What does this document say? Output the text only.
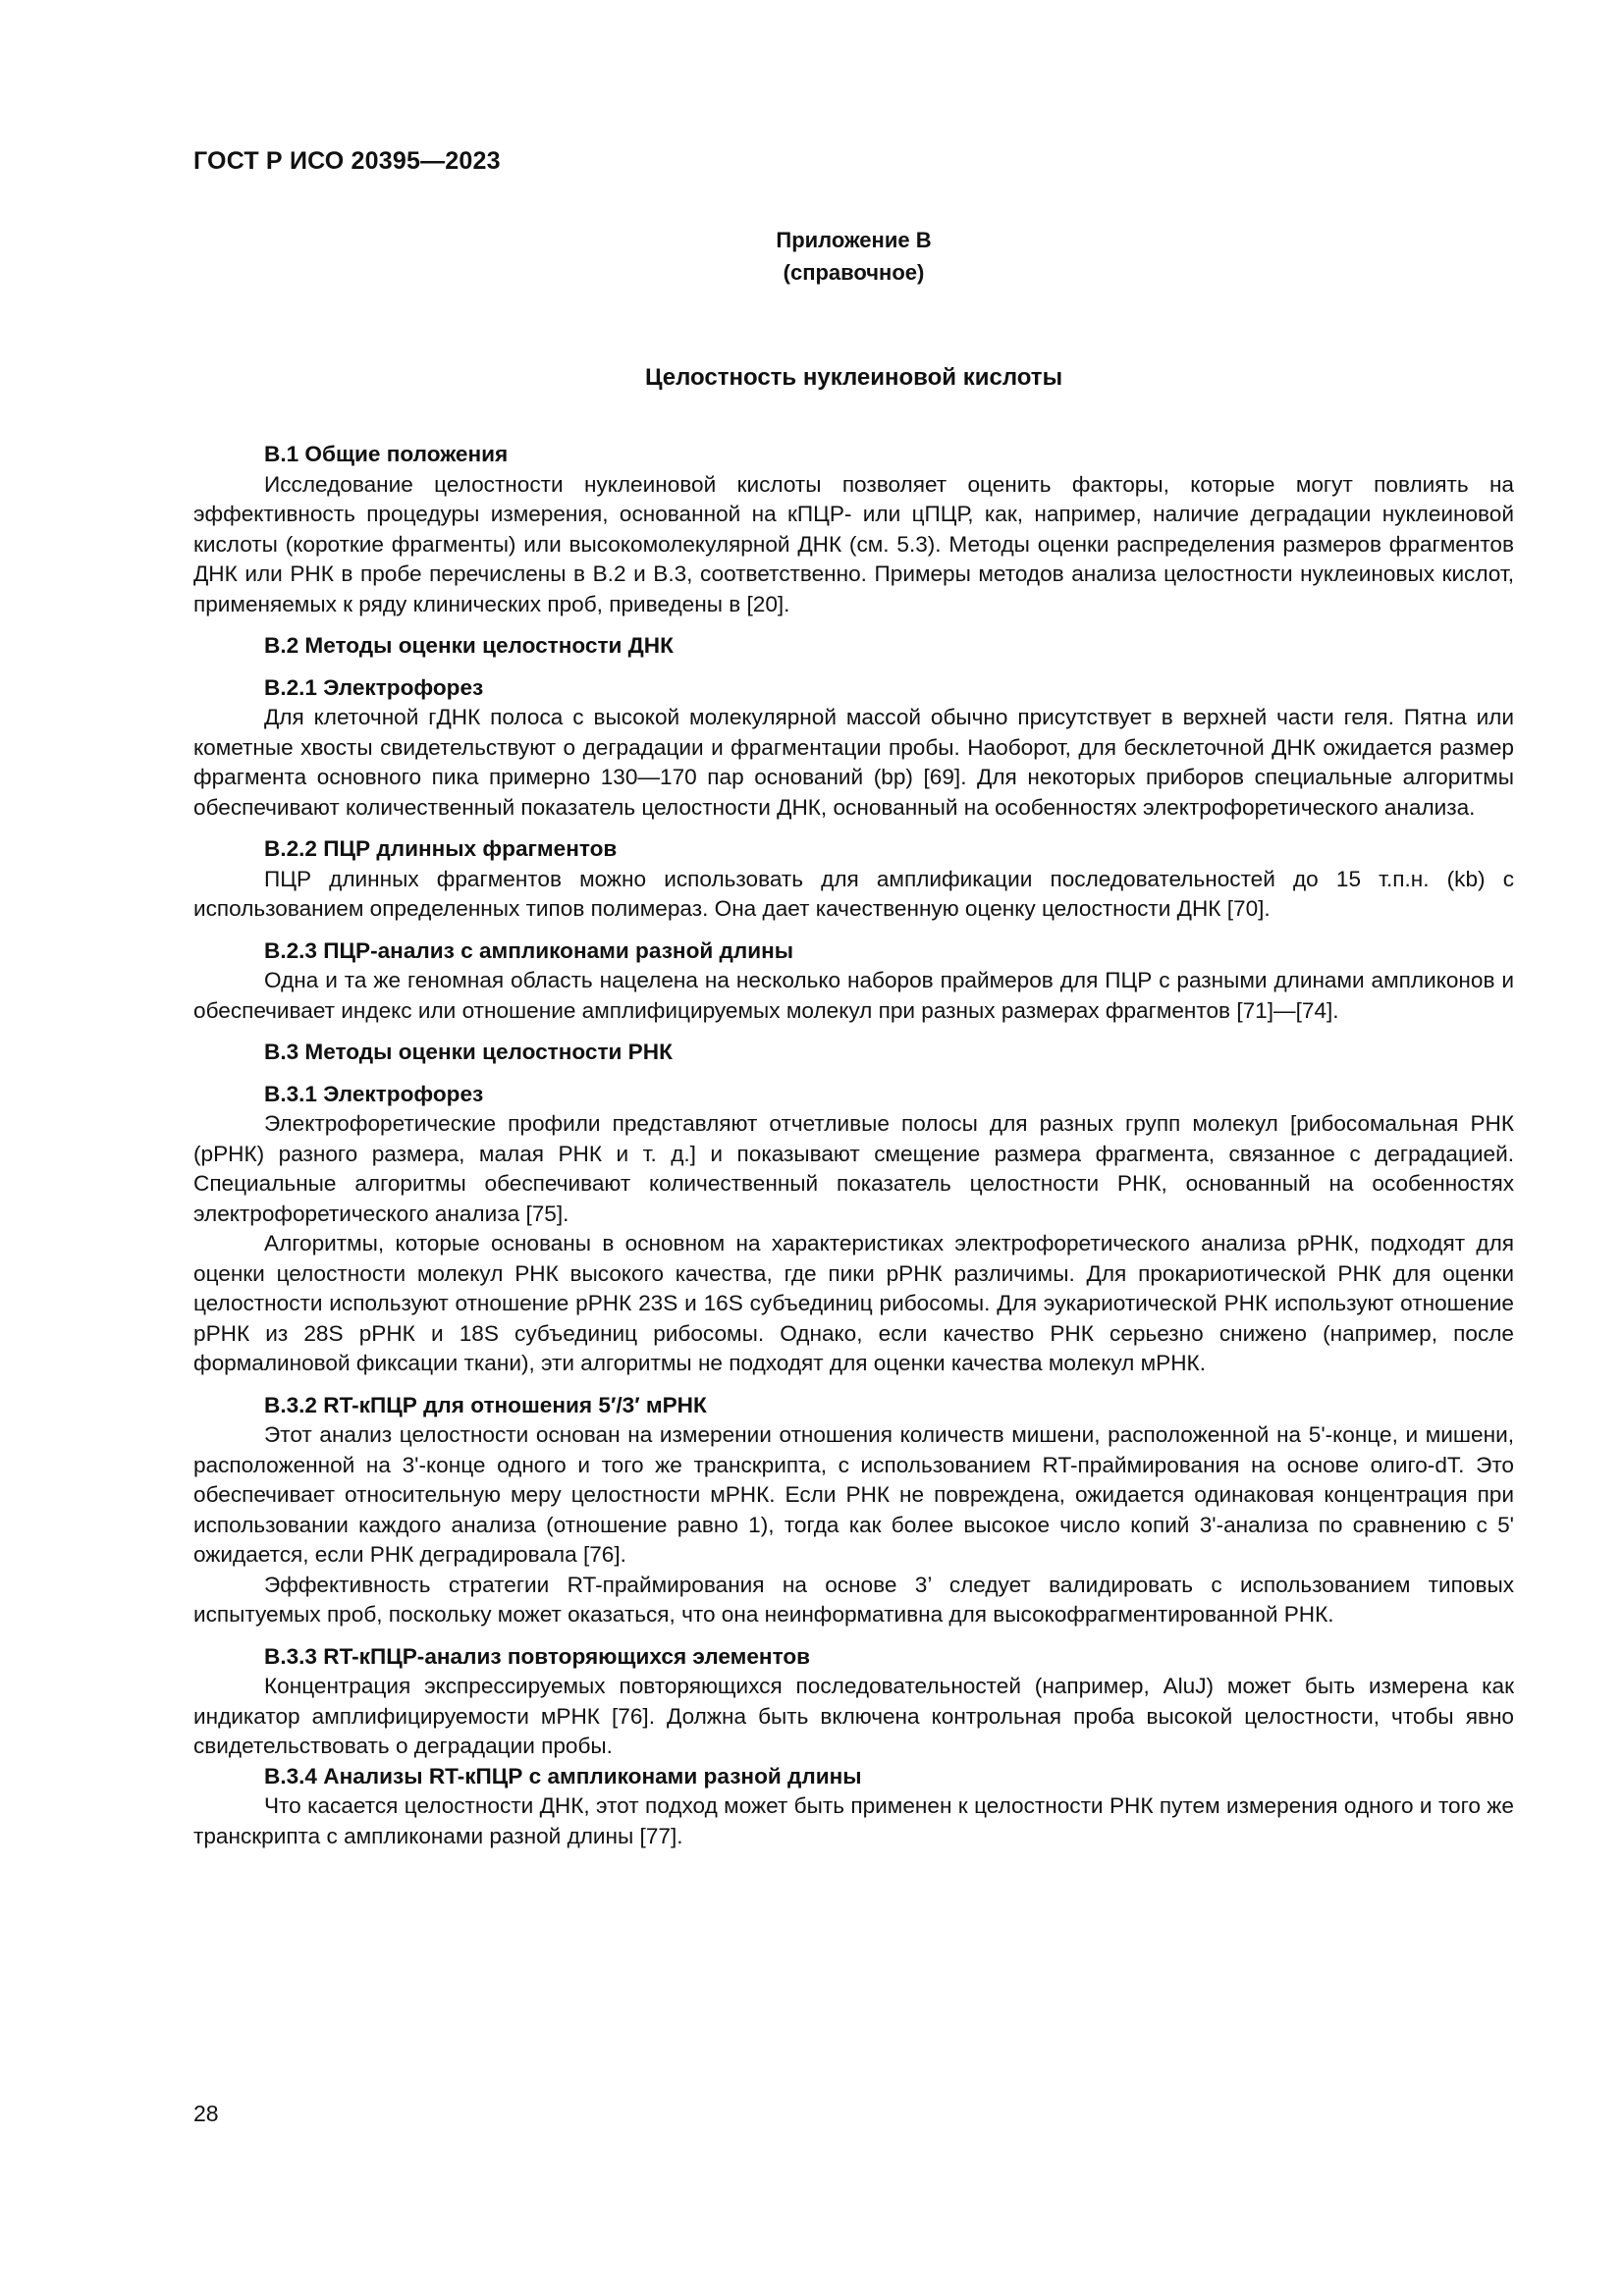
ГОСТ Р ИСО 20395—2023
Приложение В
(справочное)
Целостность нуклеиновой кислоты
В.1 Общие положения

Исследование целостности нуклеиновой кислоты позволяет оценить факторы, которые могут повлиять на эффективность процедуры измерения, основанной на кПЦР- или цПЦР, как, например, наличие деградации нуклеиновой кислоты (короткие фрагменты) или высокомолекулярной ДНК (см. 5.3). Методы оценки распределения размеров фрагментов ДНК или РНК в пробе перечислены в В.2 и В.3, соответственно. Примеры методов анализа целостности нуклеиновых кислот, применяемых к ряду клинических проб, приведены в [20].

В.2 Методы оценки целостности ДНК
В.2.1 Электрофорез

Для клеточной гДНК полоса с высокой молекулярной массой обычно присутствует в верхней части геля. Пятна или кометные хвосты свидетельствуют о деградации и фрагментации пробы. Наоборот, для бесклеточной ДНК ожидается размер фрагмента основного пика примерно 130—170 пар оснований (bp) [69]. Для некоторых приборов специальные алгоритмы обеспечивают количественный показатель целостности ДНК, основанный на особенностях электрофоретического анализа.

В.2.2 ПЦР длинных фрагментов

ПЦР длинных фрагментов можно использовать для амплификации последовательностей до 15 т.п.н. (kb) с использованием определенных типов полимераз. Она дает качественную оценку целостности ДНК [70].

В.2.3 ПЦР-анализ с ампликонами разной длины

Одна и та же геномная область нацелена на несколько наборов праймеров для ПЦР с разными длинами ампликонов и обеспечивает индекс или отношение амплифицируемых молекул при разных размерах фрагментов [71]—[74].

В.3 Методы оценки целостности РНК
В.3.1 Электрофорез

Электрофоретические профили представляют отчетливые полосы для разных групп молекул [рибосомальная РНК (рРНК) разного размера, малая РНК и т. д.] и показывают смещение размера фрагмента, связанное с деградацией. Специальные алгоритмы обеспечивают количественный показатель целостности РНК, основанный на особенностях электрофоретического анализа [75].

Алгоритмы, которые основаны в основном на характеристиках электрофоретического анализа рРНК, подходят для оценки целостности молекул РНК высокого качества, где пики рРНК различимы. Для прокариотической РНК для оценки целостности используют отношение рРНК 23S и 16S субъединиц рибосомы. Для эукариотической РНК используют отношение рРНК из 28S рРНК и 18S субъединиц рибосомы. Однако, если качество РНК серьезно снижено (например, после формалиновой фиксации ткани), эти алгоритмы не подходят для оценки качества молекул мРНК.

В.3.2 RT-кПЦР для отношения 5′/3′ мРНК

Этот анализ целостности основан на измерении отношения количеств мишени, расположенной на 5'-конце, и мишени, расположенной на 3'-конце одного и того же транскрипта, с использованием RT-праймирования на основе олиго-dT. Это обеспечивает относительную меру целостности мРНК. Если РНК не повреждена, ожидается одинаковая концентрация при использовании каждого анализа (отношение равно 1), тогда как более высокое число копий 3'-анализа по сравнению с 5' ожидается, если РНК деградировала [76].

Эффективность стратегии RT-праймирования на основе 3’ следует валидировать с использованием типовых испытуемых проб, поскольку может оказаться, что она неинформативна для высокофрагментированной РНК.

В.3.3 RT-кПЦР-анализ повторяющихся элементов

Концентрация экспрессируемых повторяющихся последовательностей (например, AluJ) может быть измерена как индикатор амплифицируемости мРНК [76]. Должна быть включена контрольная проба высокой целостности, чтобы явно свидетельствовать о деградации пробы.

В.3.4 Анализы RT-кПЦР с ампликонами разной длины

Что касается целостности ДНК, этот подход может быть применен к целостности РНК путем измерения одного и того же транскрипта с ампликонами разной длины [77].

28
